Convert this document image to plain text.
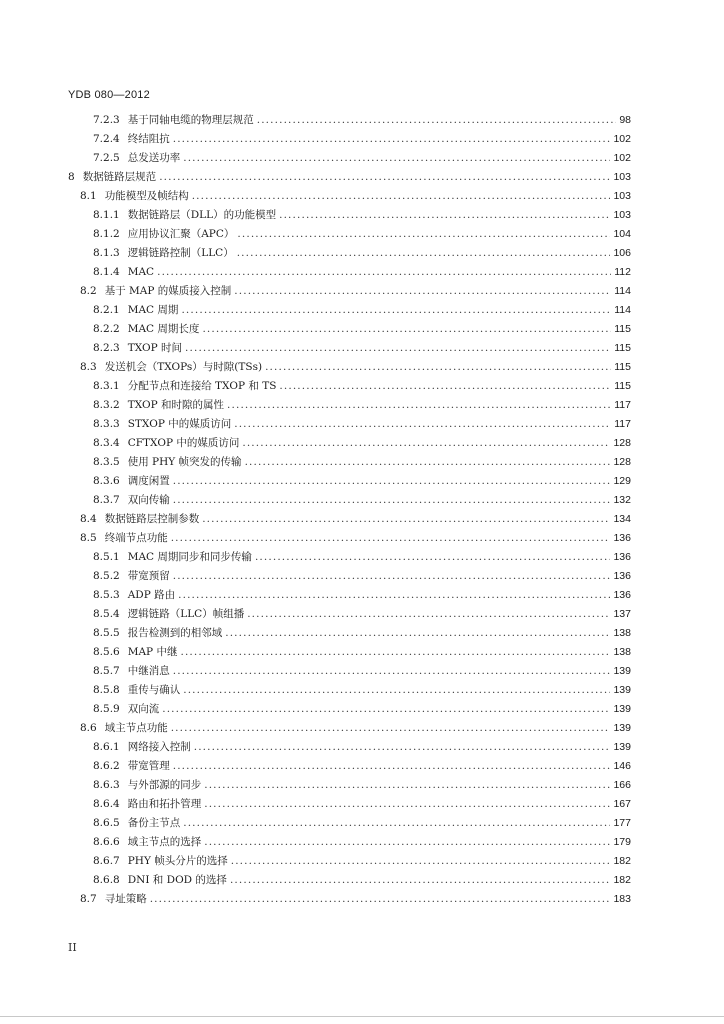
YDB 080—2012
7.2.3 基于同轴电缆的物理层规范 . . .	98
7.2.4 终结阻抗 . . .	102
7.2.5 总发送功率 . . .	102
8 数据链路层规范 . . .	103
8.1 功能模型及帧结构 . . .	103
8.1.1 数据链路层（DLL）的功能模型 . . .	103
8.1.2 应用协议汇聚（APC） . . .	104
8.1.3 逻辑链路控制（LLC） . . .	106
8.1.4 MAC . . .	112
8.2 基于 MAP 的媒质接入控制 . . .	114
8.2.1 MAC 周期 . . .	114
8.2.2 MAC 周期长度 . . .	115
8.2.3 TXOP 时间 . . .	115
8.3 发送机会（TXOPs）与时隙(TSs) . . .	115
8.3.1 分配节点和连接给 TXOP 和 TS . . .	115
8.3.2 TXOP 和时隙的属性 . . .	117
8.3.3 STXOP 中的媒质访问 . . .	117
8.3.4 CFTXOP 中的媒质访问 . . .	128
8.3.5 使用 PHY 帧突发的传输 . . .	128
8.3.6 调度闲置 . . .	129
8.3.7 双向传输 . . .	132
8.4 数据链路层控制参数 . . .	134
8.5 终端节点功能 . . .	136
8.5.1 MAC 周期同步和同步传输 . . .	136
8.5.2 带宽预留 . . .	136
8.5.3 ADP 路由 . . .	136
8.5.4 逻辑链路（LLC）帧组播 . . .	137
8.5.5 报告检测到的相邻域 . . .	138
8.5.6 MAP 中继 . . .	138
8.5.7 中继消息 . . .	139
8.5.8 重传与确认 . . .	139
8.5.9 双向流 . . .	139
8.6 域主节点功能 . . .	139
8.6.1 网络接入控制 . . .	139
8.6.2 带宽管理 . . .	146
8.6.3 与外部源的同步 . . .	166
8.6.4 路由和拓扑管理 . . .	167
8.6.5 备份主节点 . . .	177
8.6.6 域主节点的选择 . . .	179
8.6.7 PHY 帧头分片的选择 . . .	182
8.6.8 DNI 和 DOD 的选择 . . .	182
8.7 寻址策略 . . .	183
II
